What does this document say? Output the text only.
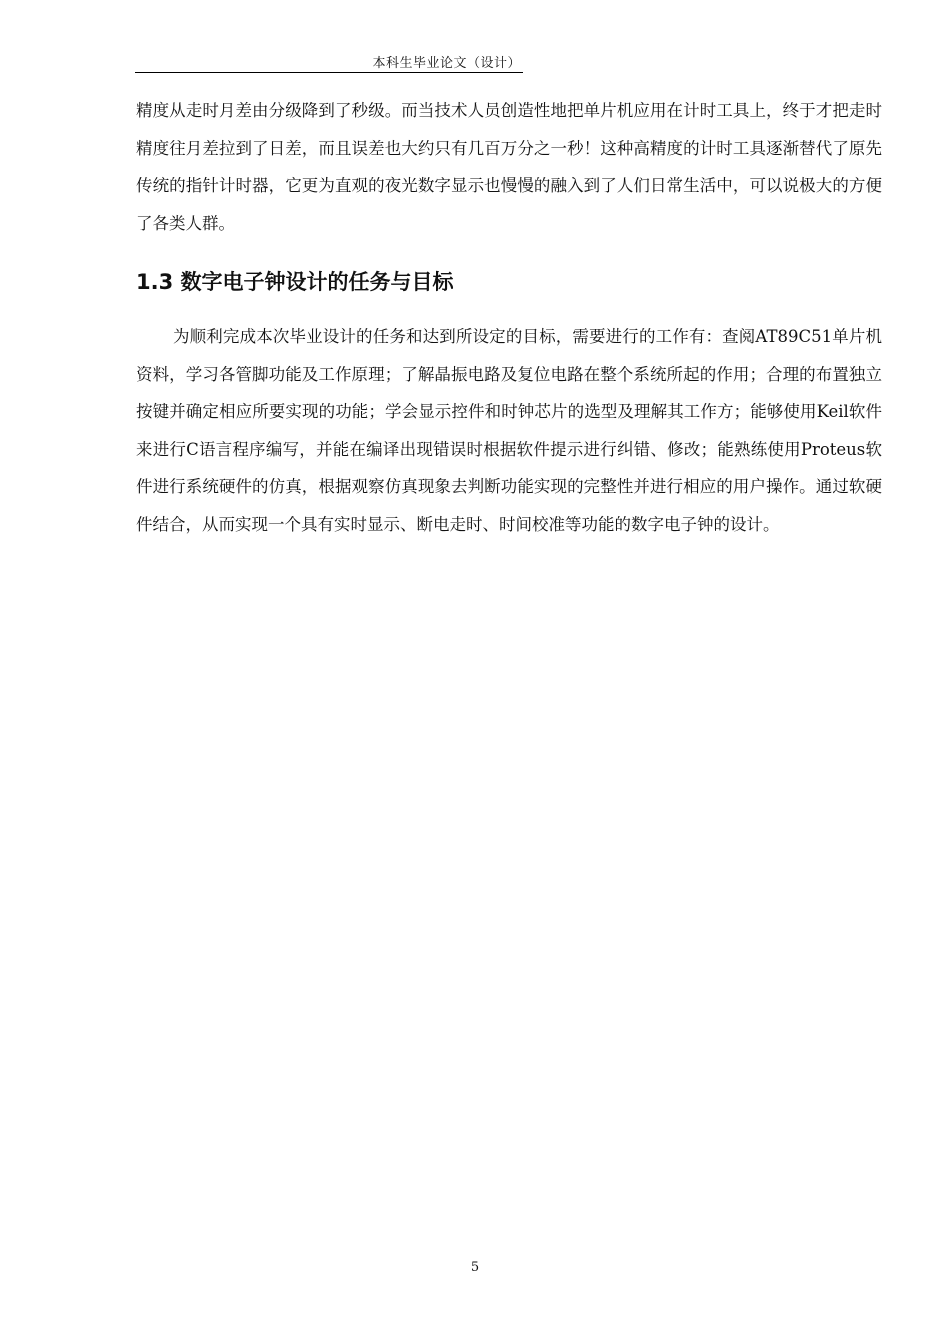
本科生毕业论文（设计）

精度从走时月差由分级降到了秒级。而当技术人员创造性地把单片机应用在计时工具上，终于才把走时精度往月差拉到了日差，而且误差也大约只有几百万分之一秒！这种高精度的计时工具逐渐替代了原先传统的指针计时器，它更为直观的夜光数字显示也慢慢的融入到了人们日常生活中，可以说极大的方便了各类人群。

1.3 数字电子钟设计的任务与目标

为顺利完成本次毕业设计的任务和达到所设定的目标，需要进行的工作有：查阅AT89C51单片机资料，学习各管脚功能及工作原理；了解晶振电路及复位电路在整个系统所起的作用；合理的布置独立按键并确定相应所要实现的功能；学会显示控件和时钟芯片的选型及理解其工作方；能够使用Keil软件来进行C语言程序编写，并能在编译出现错误时根据软件提示进行纠错、修改；能熟练使用Proteus软件进行系统硬件的仿真，根据观察仿真现象去判断功能实现的完整性并进行相应的用户操作。通过软硬件结合，从而实现一个具有实时显示、断电走时、时间校准等功能的数字电子钟的设计。

5
